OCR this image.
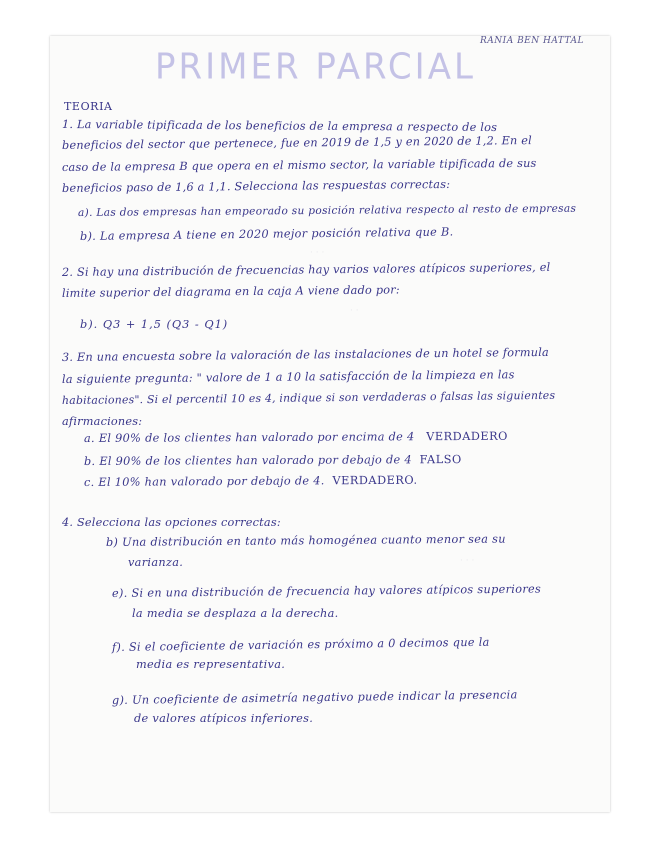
· · ·
· ·
· · ·
RANIA BEN HATTAL
PRIMER PARCIAL
TEORIA
1. La variable tipificada de los beneficios de la empresa a respecto de los
beneficios del sector que pertenece, fue en 2019 de 1,5 y en 2020 de 1,2. En el
caso de la empresa B que opera en el mismo sector, la variable tipificada de sus
beneficios paso de 1,6 a 1,1. Selecciona las respuestas correctas:
a). Las dos empresas han empeorado su posición relativa respecto al resto de empresas
b). La empresa A tiene en 2020 mejor posición relativa que B.
2. Si hay una distribución de frecuencias hay varios valores atípicos superiores, el
limite superior del diagrama en la caja A viene dado por:
b). Q3 + 1,5 (Q3 - Q1)
3. En una encuesta sobre la valoración de las instalaciones de un hotel se formula
la siguiente pregunta: " valore de 1 a 10 la satisfacción de la limpieza en las
habitaciones". Si el percentil 10 es 4, indique si son verdaderas o falsas las siguientes
afirmaciones:
a. El 90% de los clientes han valorado por encima de 4 VERDADERO
b. El 90% de los clientes han valorado por debajo de 4 FALSO
c. El 10% han valorado por debajo de 4. VERDADERO.
4. Selecciona las opciones correctas:
b) Una distribución en tanto más homogénea cuanto menor sea su
varianza.
e). Si en una distribución de frecuencia hay valores atípicos superiores
la media se desplaza a la derecha.
f). Si el coeficiente de variación es próximo a 0 decimos que la
media es representativa.
g). Un coeficiente de asimetría negativo puede indicar la presencia
de valores atípicos inferiores.
